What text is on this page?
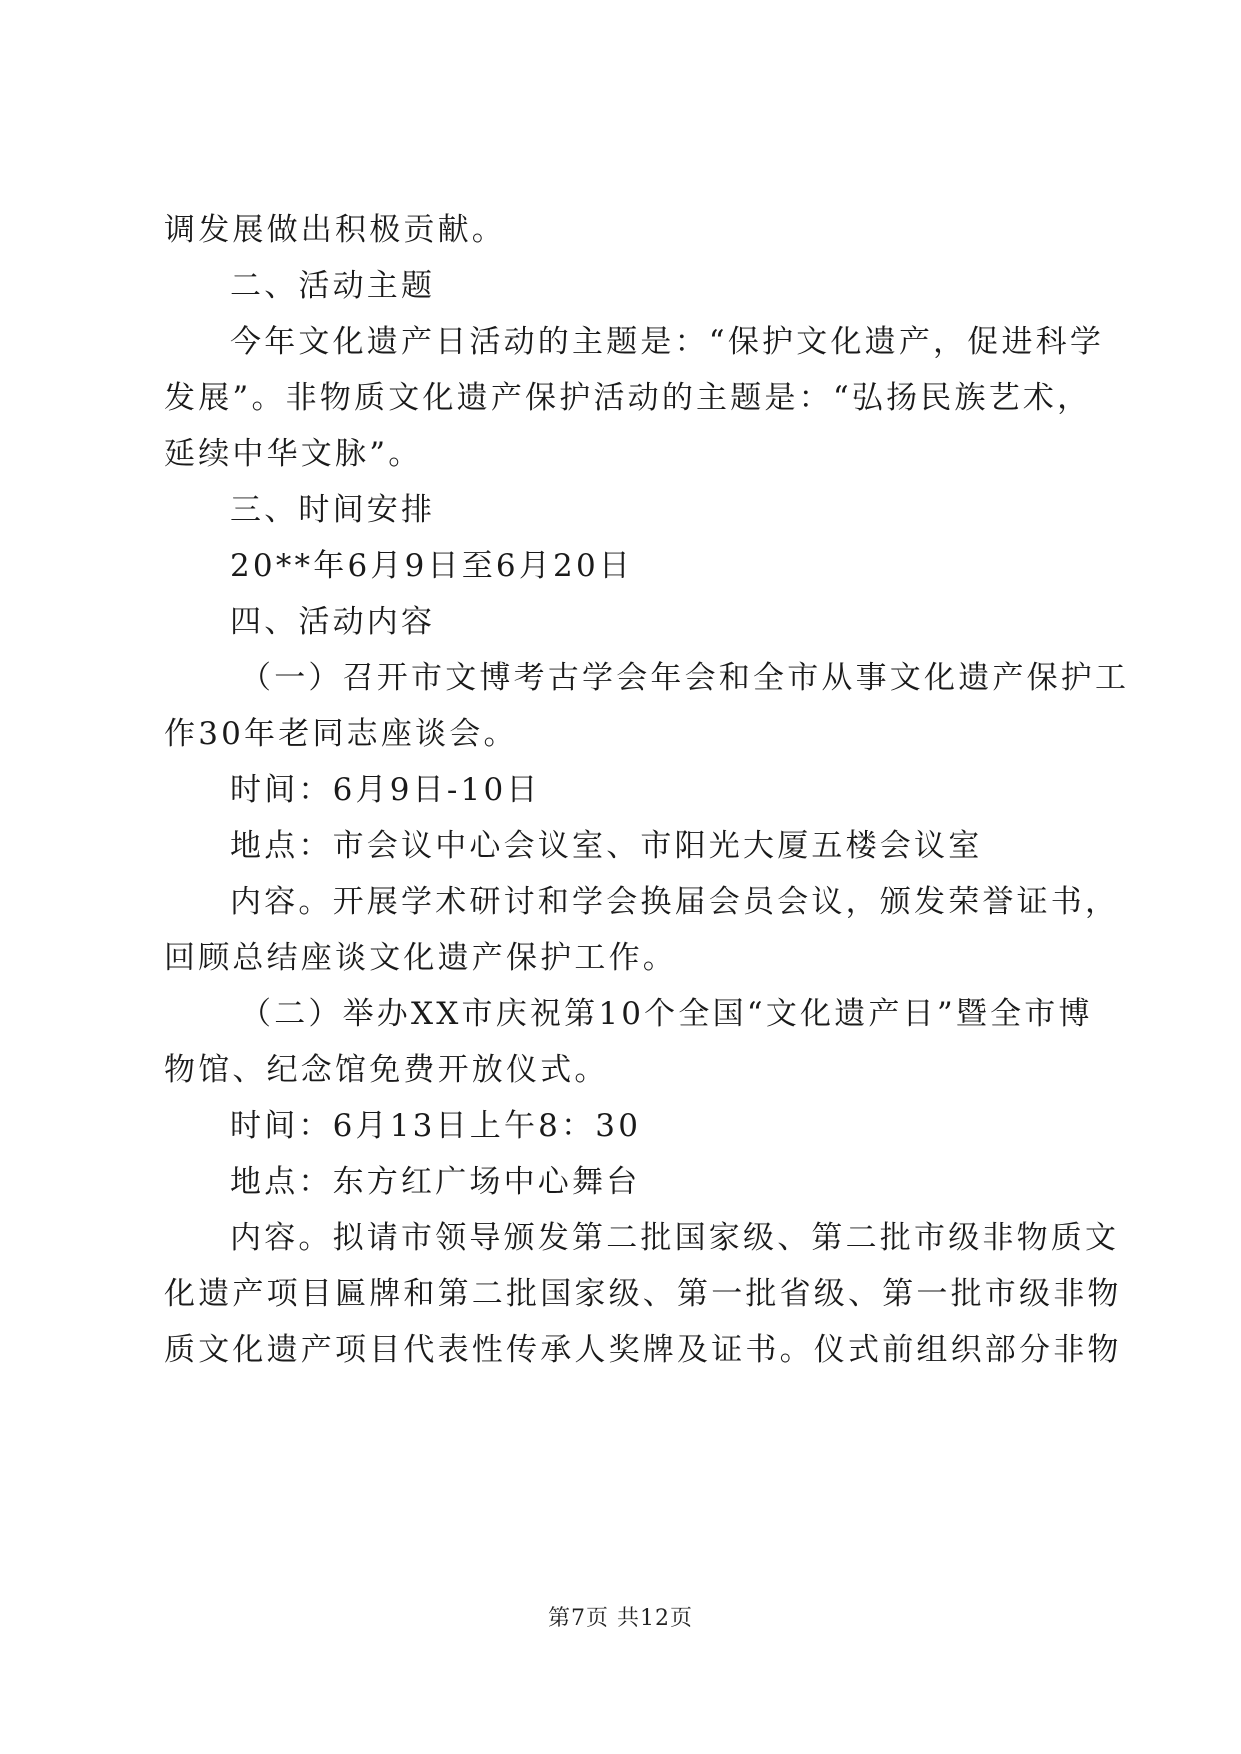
调发展做出积极贡献。
二、活动主题
今年文化遗产日活动的主题是：“保护文化遗产，促进科学
发展”。非物质文化遗产保护活动的主题是：“弘扬民族艺术，
延续中华文脉”。
三、时间安排
20**年6月9日至6月20日
四、活动内容
（一）召开市文博考古学会年会和全市从事文化遗产保护工
作30年老同志座谈会。
时间：6月9日-10日
地点：市会议中心会议室、市阳光大厦五楼会议室
内容。开展学术研讨和学会换届会员会议，颁发荣誉证书，
回顾总结座谈文化遗产保护工作。
（二）举办XX市庆祝第10个全国“文化遗产日”暨全市博
物馆、纪念馆免费开放仪式。
时间：6月13日上午8：30
地点：东方红广场中心舞台
内容。拟请市领导颁发第二批国家级、第二批市级非物质文
化遗产项目匾牌和第二批国家级、第一批省级、第一批市级非物
质文化遗产项目代表性传承人奖牌及证书。仪式前组织部分非物
第7页 共12页
